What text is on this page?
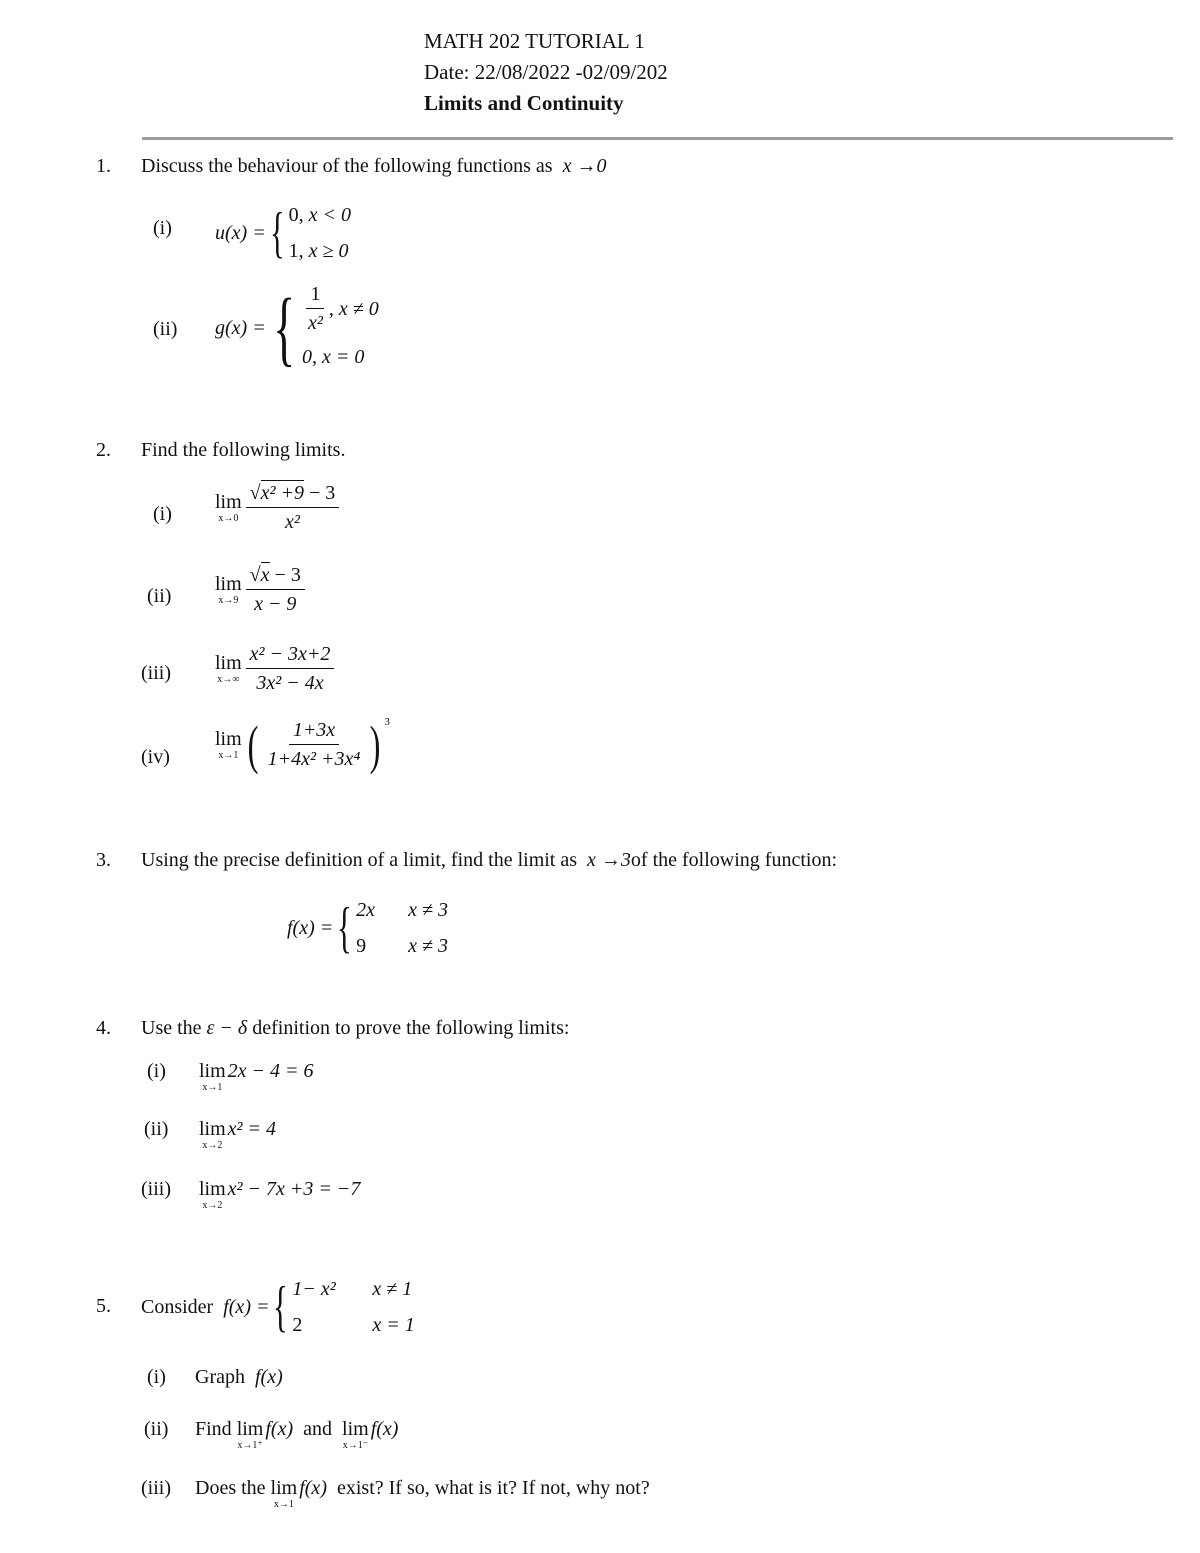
MATH 202 TUTORIAL 1
Date: 22/08/2022 -02/09/202
Limits and Continuity
1. Discuss the behaviour of the following functions as x →0
(i) u(x) = { 0,
x < 0
1,
x ≥ 0
(ii) g(x) = { $\frac{1}{\text{x²}}$ , x ≠ 0
0, x = 0
2. Find the following limits.
(i)
lim
$x\to 0 \frac{\text{√x² +9 − 3}}{\text{x²}}$
(ii)
lim
$x\to 9 \frac{√x - 3}{x - 9}$
(iii) lim
$x\to\infty \frac{\text{x² − 3x+2}}{\text{3x² − 4x}}$
(iv)
lim
x→1 ( $\frac{1+3x}{\text{1+4x² +3x⁴}}$ ) $^3$
3. Using the precise definition of a limit, find the limit as x →3of the following function:
f(x) = { 2x	x ≠ 3
9	x ≠ 3
4. Use the ε − δ definition to prove the following limits:
(i) lim
x→1
2x − 4 = 6
(ii) lim
x→2
x² = 4
(iii) lim
x→2
x² − 7x +3 = −7
5. Consider
f(x) = { 1− x²	x ≠ 1
2	x = 1
(i) Graph f(x)
(ii)	Find
lim
x→1⁺
f(x)
and
lim
x→1⁻
f(x)
(iii)	Does the
lim
x→1
f(x)
exist? If so, what is it? If not, why not?
